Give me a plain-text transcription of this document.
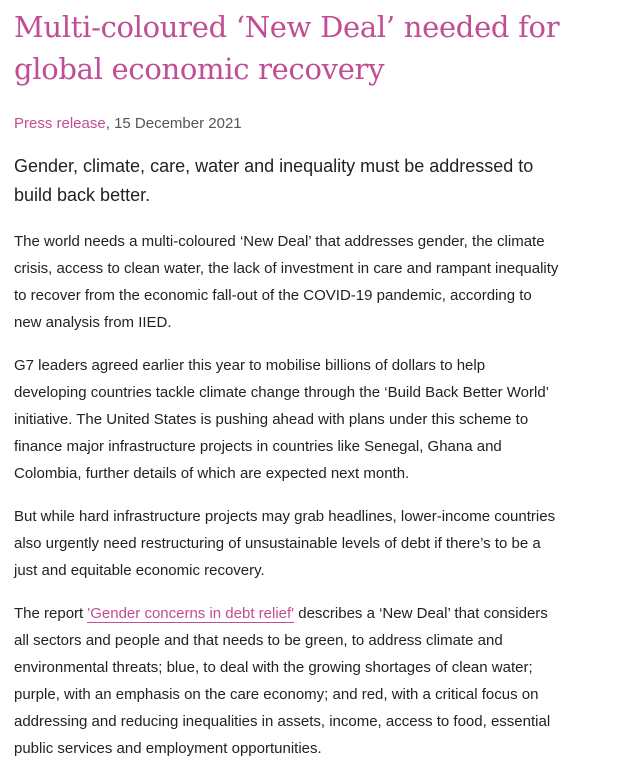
Multi-coloured ‘New Deal’ needed for global economic recovery
Press release, 15 December 2021

Gender, climate, care, water and inequality must be addressed to build back better.

The world needs a multi-coloured ‘New Deal’ that addresses gender, the climate crisis, access to clean water, the lack of investment in care and rampant inequality to recover from the economic fall-out of the COVID-19 pandemic, according to new analysis from IIED.

G7 leaders agreed earlier this year to mobilise billions of dollars to help developing countries tackle climate change through the ‘Build Back Better World’ initiative. The United States is pushing ahead with plans under this scheme to finance major infrastructure projects in countries like Senegal, Ghana and Colombia, further details of which are expected next month.

But while hard infrastructure projects may grab headlines, lower-income countries also urgently need restructuring of unsustainable levels of debt if there’s to be a just and equitable economic recovery.

The report 'Gender concerns in debt relief' describes a ‘New Deal’ that considers all sectors and people and that needs to be green, to address climate and environmental threats; blue, to deal with the growing shortages of clean water; purple, with an emphasis on the care economy; and red, with a critical focus on addressing and reducing inequalities in assets, income, access to food, essential public services and employment opportunities.
